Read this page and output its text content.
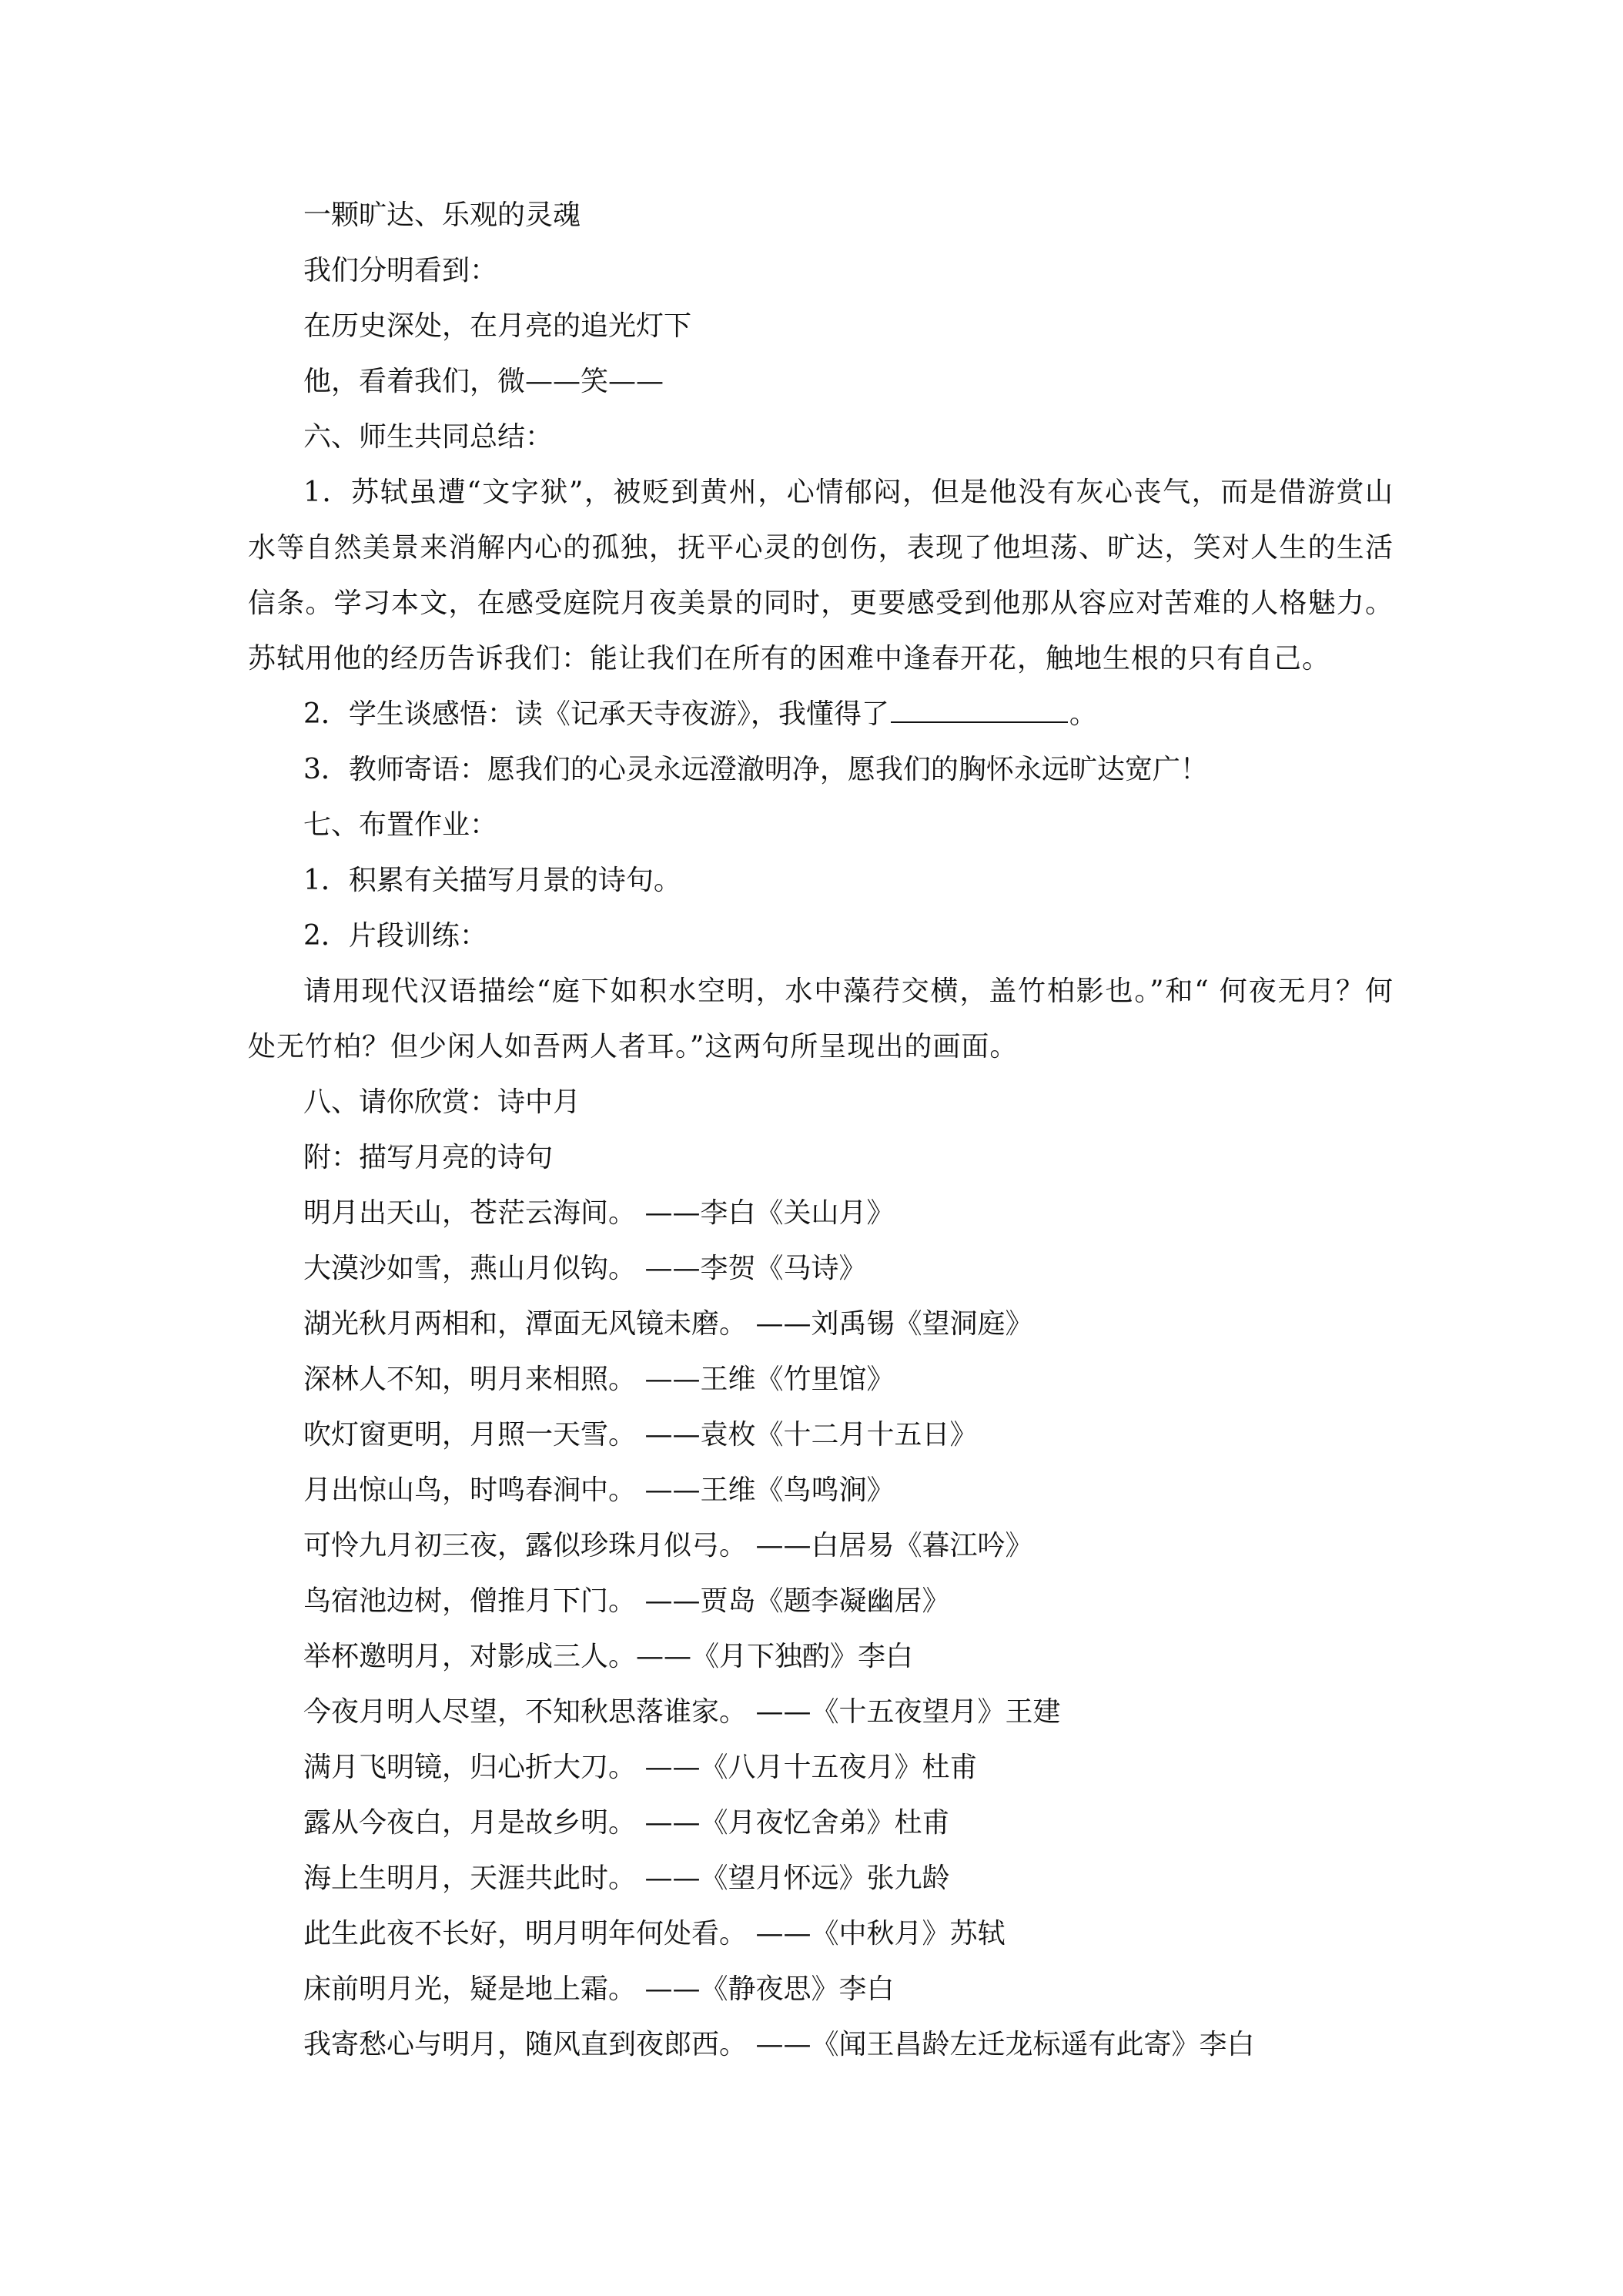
一颗旷达、乐观的灵魂
我们分明看到：
在历史深处，在月亮的追光灯下
他，看着我们，微——笑——
六、师生共同总结：
1．苏轼虽遭“文字狱”，被贬到黄州，心情郁闷，但是他没有灰心丧气，而是借游赏山水等自然美景来消解内心的孤独，抚平心灵的创伤，表现了他坦荡、旷达，笑对人生的生活信条。学习本文，在感受庭院月夜美景的同时，更要感受到他那从容应对苦难的人格魅力。苏轼用他的经历告诉我们：能让我们在所有的困难中逢春开花，触地生根的只有自己。
2．学生谈感悟：读《记承天寺夜游》，我懂得了	。
3．教师寄语：愿我们的心灵永远澄澈明净，愿我们的胸怀永远旷达宽广！
七、布置作业：
1．积累有关描写月景的诗句。
2．片段训练：
请用现代汉语描绘“庭下如积水空明，水中藻荇交横，盖竹柏影也。”和“ 何夜无月？何处无竹柏？但少闲人如吾两人者耳。”这两句所呈现出的画面。
八、请你欣赏：诗中月
附：描写月亮的诗句
明月出天山，苍茫云海间。 ——李白《关山月》
大漠沙如雪，燕山月似钩。 ——李贺《马诗》
湖光秋月两相和，潭面无风镜未磨。 ——刘禹锡《望洞庭》
深林人不知，明月来相照。 ——王维《竹里馆》
吹灯窗更明，月照一天雪。 ——袁枚《十二月十五日》
月出惊山鸟，时鸣春涧中。 ——王维《鸟鸣涧》
可怜九月初三夜，露似珍珠月似弓。 ——白居易《暮江吟》
鸟宿池边树，僧推月下门。 ——贾岛《题李凝幽居》
举杯邀明月，对影成三人。——《月下独酌》李白
今夜月明人尽望，不知秋思落谁家。 ——《十五夜望月》王建
满月飞明镜，归心折大刀。 ——《八月十五夜月》杜甫
露从今夜白，月是故乡明。 ——《月夜忆舍弟》杜甫
海上生明月，天涯共此时。 ——《望月怀远》张九龄
此生此夜不长好，明月明年何处看。 ——《中秋月》苏轼
床前明月光，疑是地上霜。 ——《静夜思》李白
我寄愁心与明月，随风直到夜郎西。 ——《闻王昌龄左迁龙标遥有此寄》李白
